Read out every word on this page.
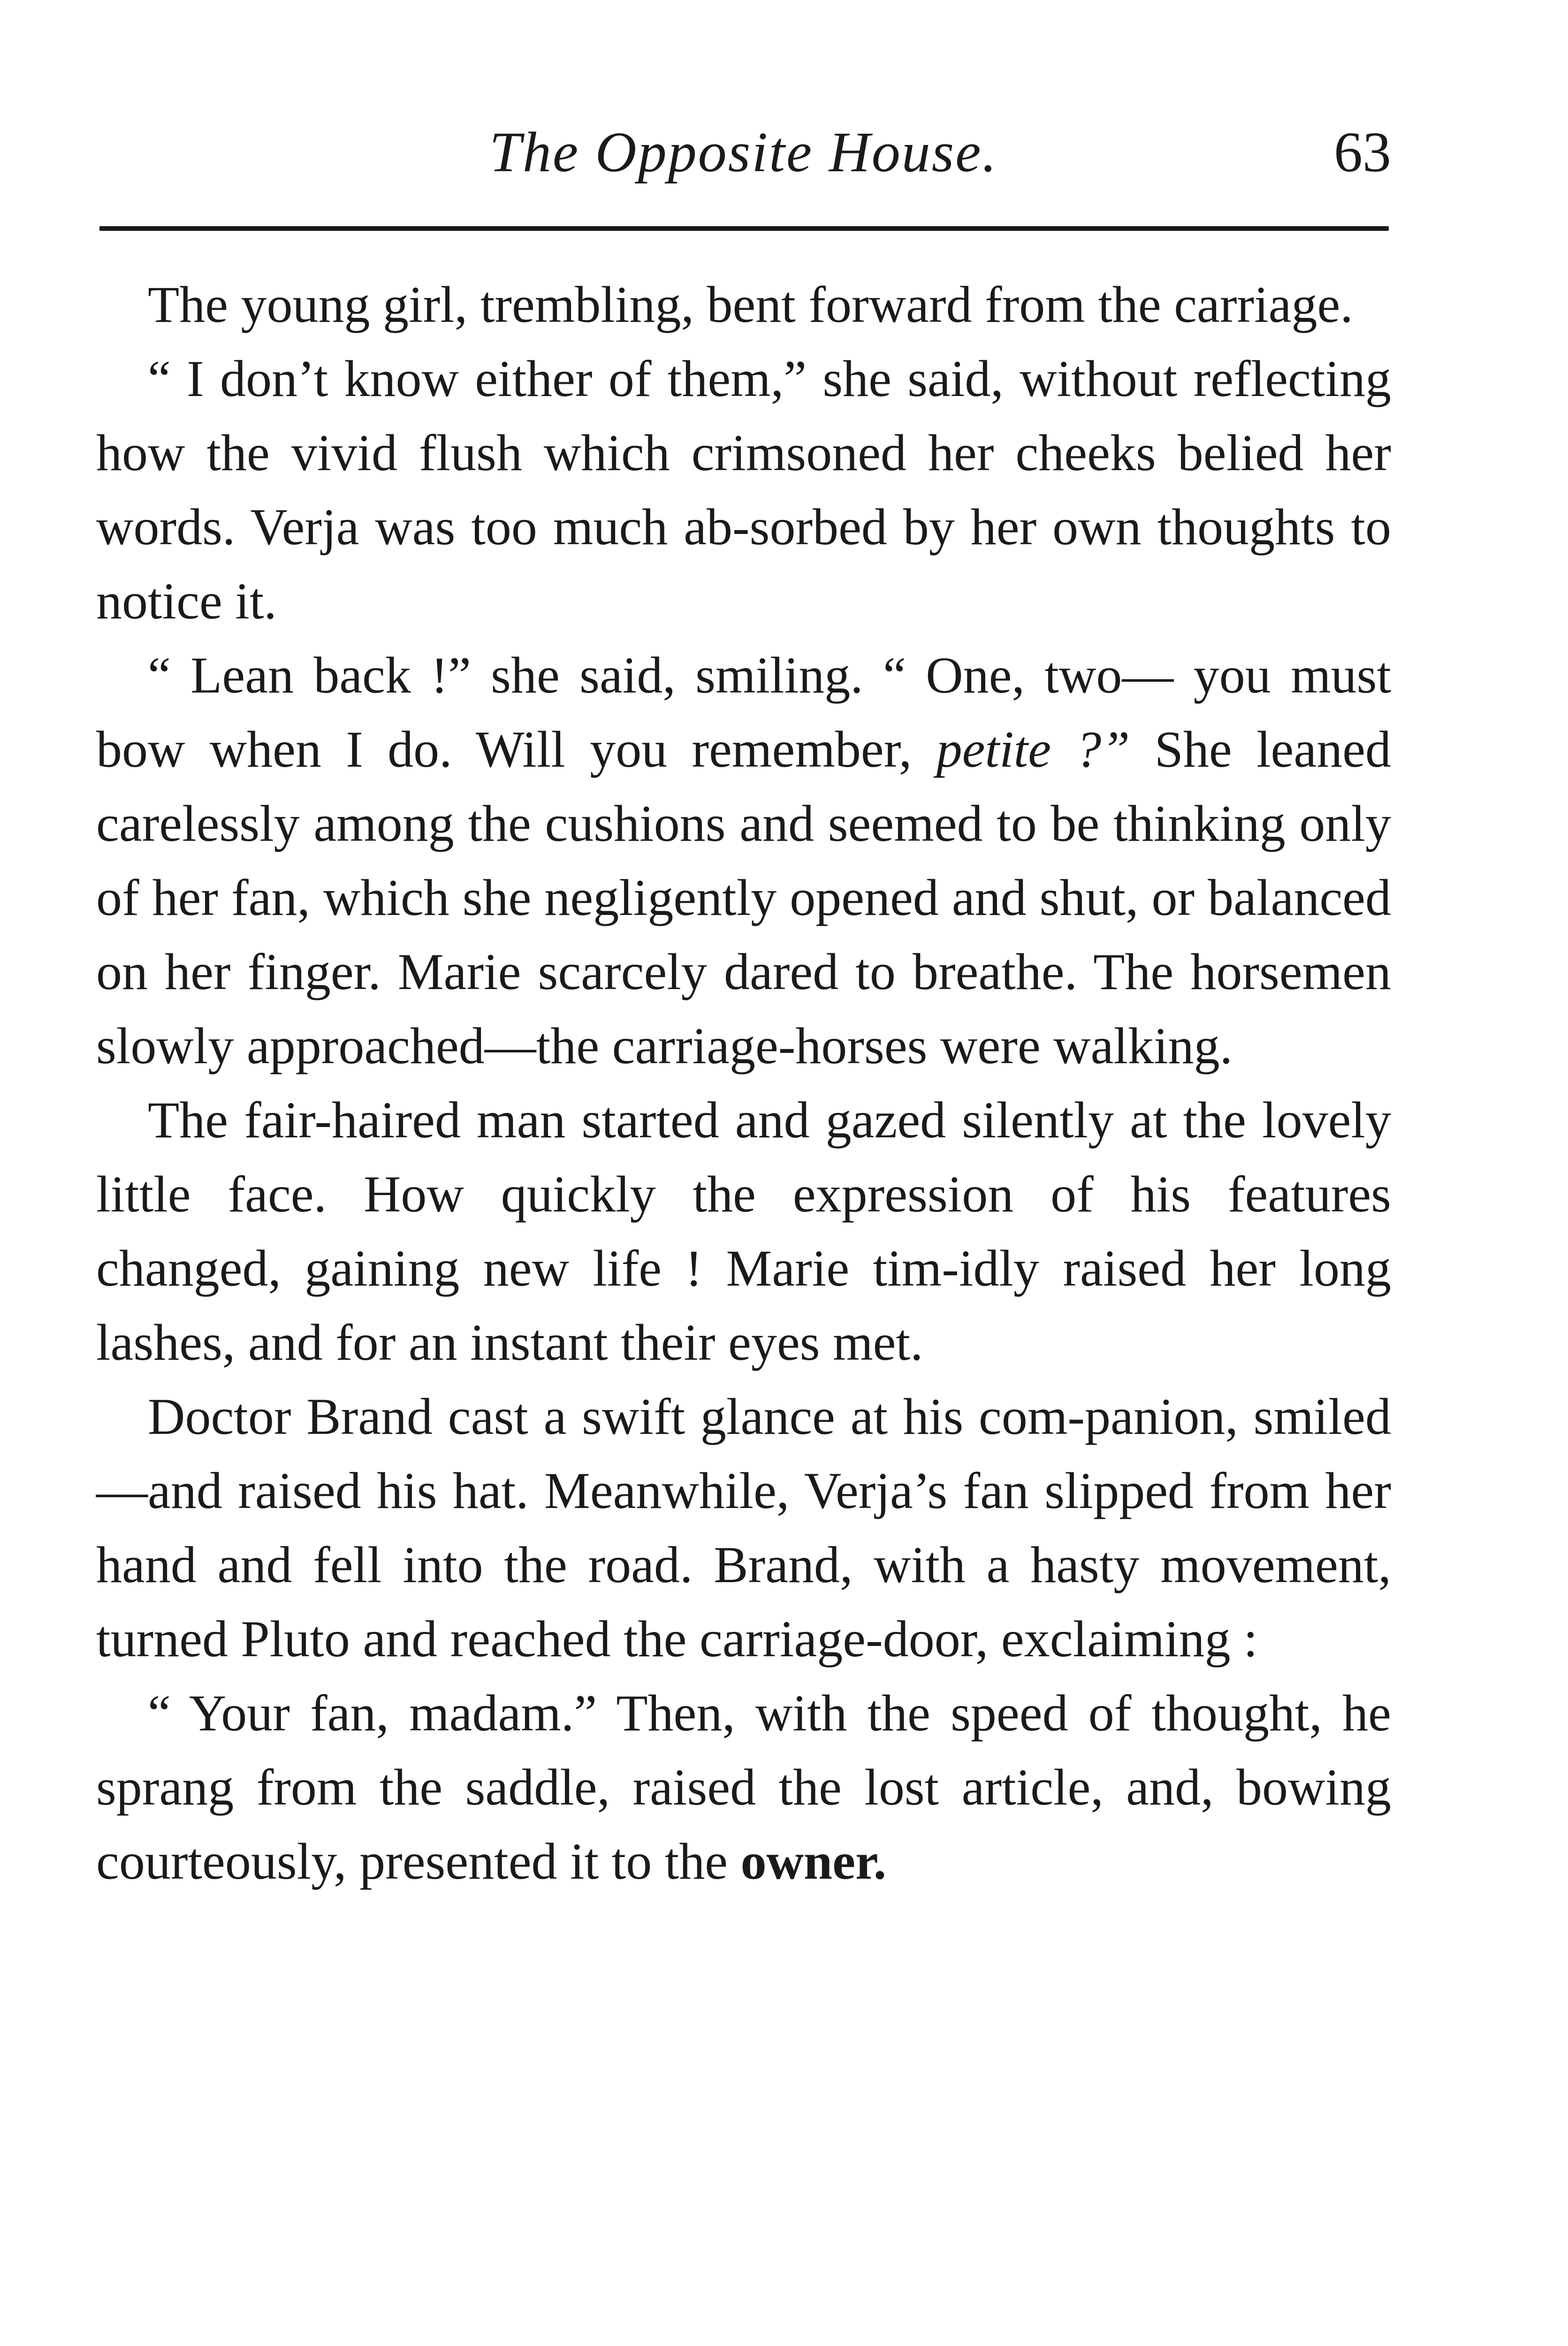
The Opposite House.	63

The young girl, trembling, bent forward from the carriage.

“ I don’t know either of them,” she said, without reflecting how the vivid flush which crimsoned her cheeks belied her words. Verja was too much ab-sorbed by her own thoughts to notice it.

“ Lean back !” she said, smiling. “ One, two— you must bow when I do. Will you remember, petite ?” She leaned carelessly among the cushions and seemed to be thinking only of her fan, which she negligently opened and shut, or balanced on her finger. Marie scarcely dared to breathe. The horsemen slowly approached—the carriage-horses were walking.

The fair-haired man started and gazed silently at the lovely little face. How quickly the expression of his features changed, gaining new life ! Marie tim-idly raised her long lashes, and for an instant their eyes met.

Doctor Brand cast a swift glance at his com-panion, smiled—and raised his hat. Meanwhile, Verja’s fan slipped from her hand and fell into the road. Brand, with a hasty movement, turned Pluto and reached the carriage-door, exclaiming :

“ Your fan, madam.” Then, with the speed of thought, he sprang from the saddle, raised the lost article, and, bowing courteously, presented it to the owner.
